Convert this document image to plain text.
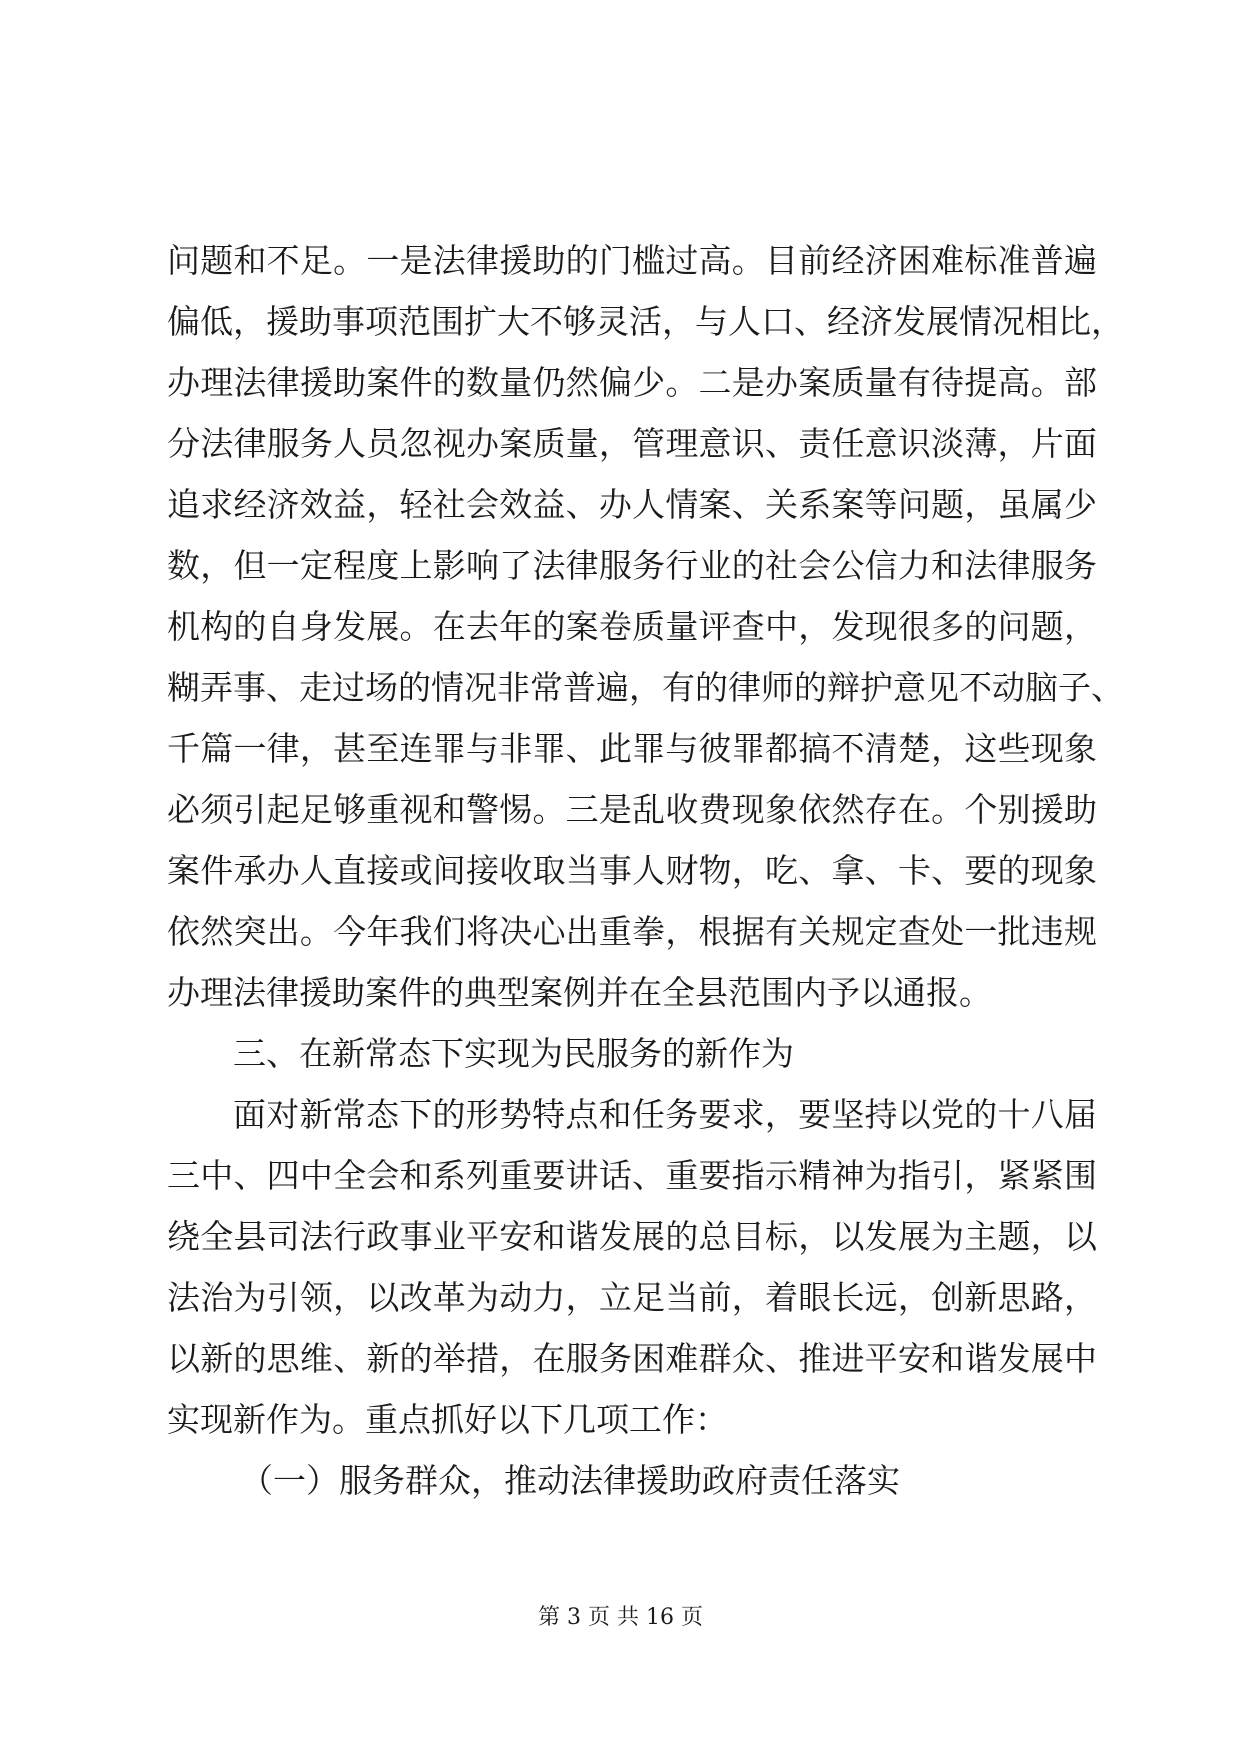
问题和不足。一是法律援助的门槛过高。目前经济困难标准普遍
偏低，援助事项范围扩大不够灵活，与人口、经济发展情况相比，
办理法律援助案件的数量仍然偏少。二是办案质量有待提高。部
分法律服务人员忽视办案质量，管理意识、责任意识淡薄，片面
追求经济效益，轻社会效益、办人情案、关系案等问题，虽属少
数，但一定程度上影响了法律服务行业的社会公信力和法律服务
机构的自身发展。在去年的案卷质量评查中，发现很多的问题，
糊弄事、走过场的情况非常普遍，有的律师的辩护意见不动脑子、
千篇一律，甚至连罪与非罪、此罪与彼罪都搞不清楚，这些现象
必须引起足够重视和警惕。三是乱收费现象依然存在。个别援助
案件承办人直接或间接收取当事人财物，吃、拿、卡、要的现象
依然突出。今年我们将决心出重拳，根据有关规定查处一批违规
办理法律援助案件的典型案例并在全县范围内予以通报。
三、在新常态下实现为民服务的新作为
面对新常态下的形势特点和任务要求，要坚持以党的十八届
三中、四中全会和系列重要讲话、重要指示精神为指引，紧紧围
绕全县司法行政事业平安和谐发展的总目标，以发展为主题，以
法治为引领，以改革为动力，立足当前，着眼长远，创新思路，
以新的思维、新的举措，在服务困难群众、推进平安和谐发展中
实现新作为。重点抓好以下几项工作：
（一）服务群众，推动法律援助政府责任落实
第 3 页 共 16 页
